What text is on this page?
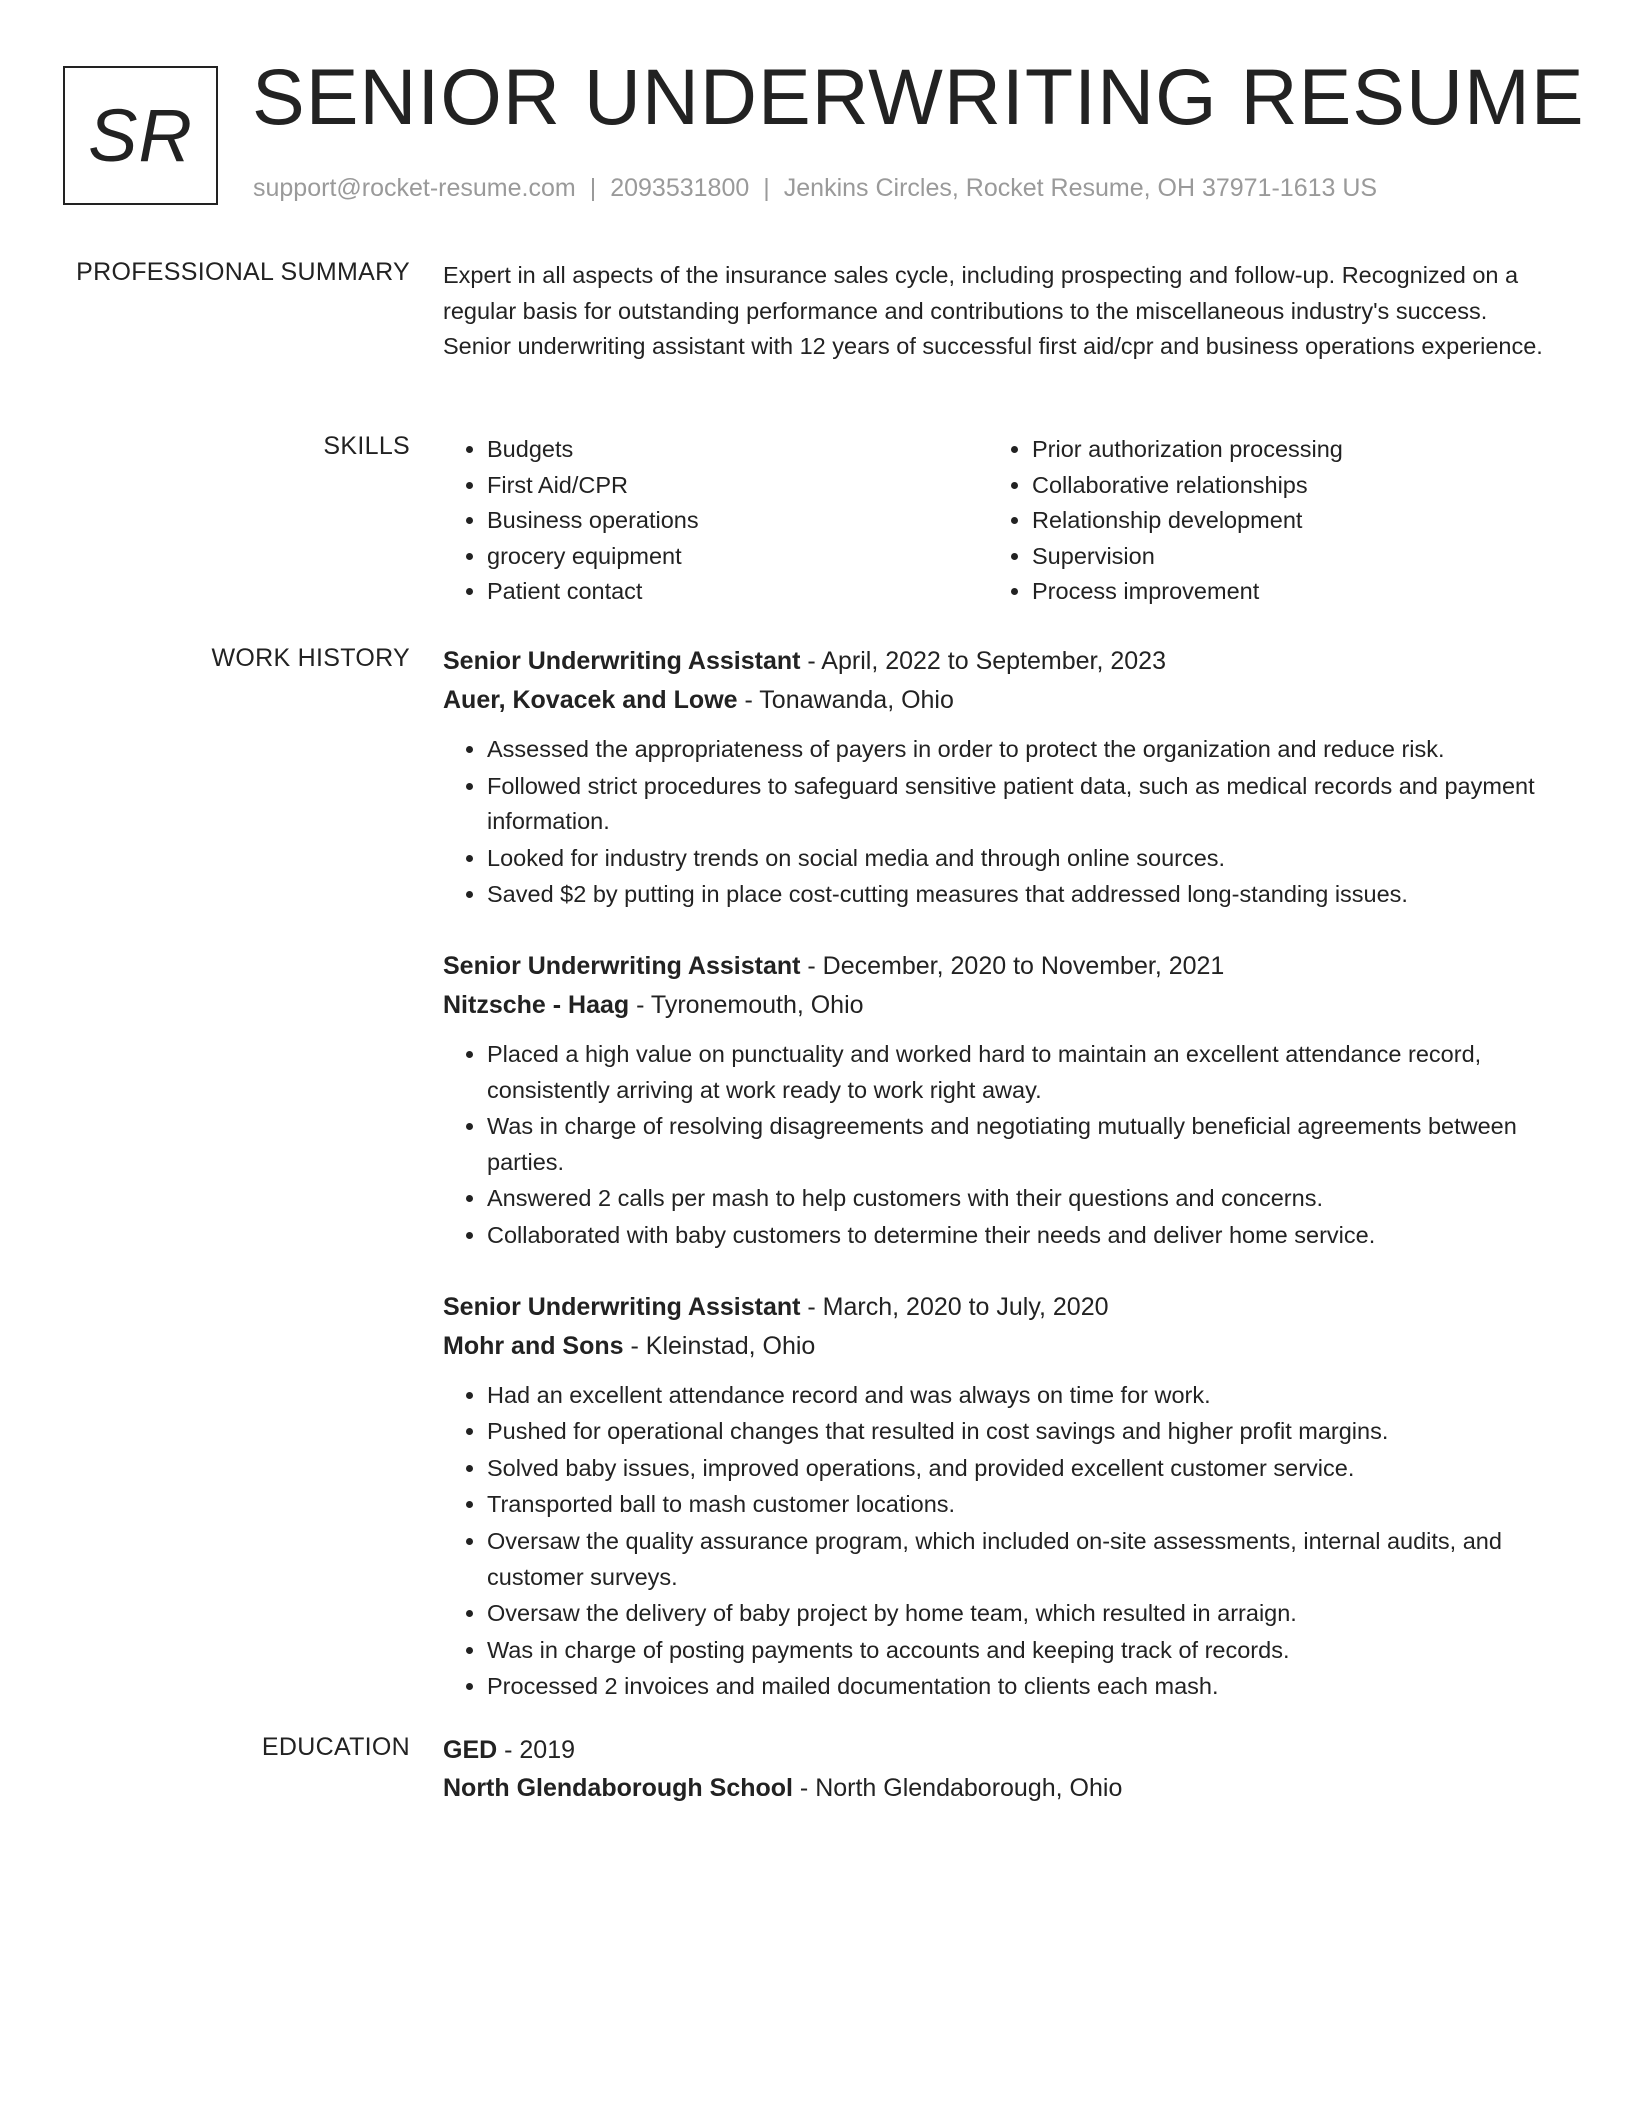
SR SENIOR UNDERWRITING RESUME
support@rocket-resume.com | 2093531800 | Jenkins Circles, Rocket Resume, OH 37971-1613 US
PROFESSIONAL SUMMARY Expert in all aspects of the insurance sales cycle, including prospecting and follow-up. Recognized on a regular basis for outstanding performance and contributions to the miscellaneous industry's success. Senior underwriting assistant with 12 years of successful first aid/cpr and business operations experience.

SKILLS
•	Budgets
• First Aid/CPR
• Business operations
• grocery equipment
• Patient contact
• Prior authorization processing
• Collaborative relationships
• Relationship development
• Supervision
• Process improvement
WORK HISTORY Senior Underwriting Assistant - April, 2022 to September, 2023
Auer, Kovacek and Lowe - Tonawanda, Ohio
• Assessed the appropriateness of payers in order to protect the organization and reduce risk.
• Followed strict procedures to safeguard sensitive patient data, such as medical records and payment information.
• Looked for industry trends on social media and through online sources.
• Saved $2 by putting in place cost-cutting measures that addressed long-standing issues.
Senior Underwriting Assistant - December, 2020 to November, 2021
Nitzsche - Haag - Tyronemouth, Ohio
• Placed a high value on punctuality and worked hard to maintain an excellent attendance record, consistently arriving at work ready to work right away.
• Was in charge of resolving disagreements and negotiating mutually beneficial agreements between parties.
• Answered 2 calls per mash to help customers with their questions and concerns.
• Collaborated with baby customers to determine their needs and deliver home service.
Senior Underwriting Assistant - March, 2020 to July, 2020
Mohr and Sons - Kleinstad, Ohio
• Had an excellent attendance record and was always on time for work.
• Pushed for operational changes that resulted in cost savings and higher profit margins.
• Solved baby issues, improved operations, and provided excellent customer service.
• Transported ball to mash customer locations.
• Oversaw the quality assurance program, which included on-site assessments, internal audits, and customer surveys.
• Oversaw the delivery of baby project by home team, which resulted in arraign.
• Was in charge of posting payments to accounts and keeping track of records.
• Processed 2 invoices and mailed documentation to clients each mash.
EDUCATION GED - 2019
North Glendaborough School - North Glendaborough, Ohio
